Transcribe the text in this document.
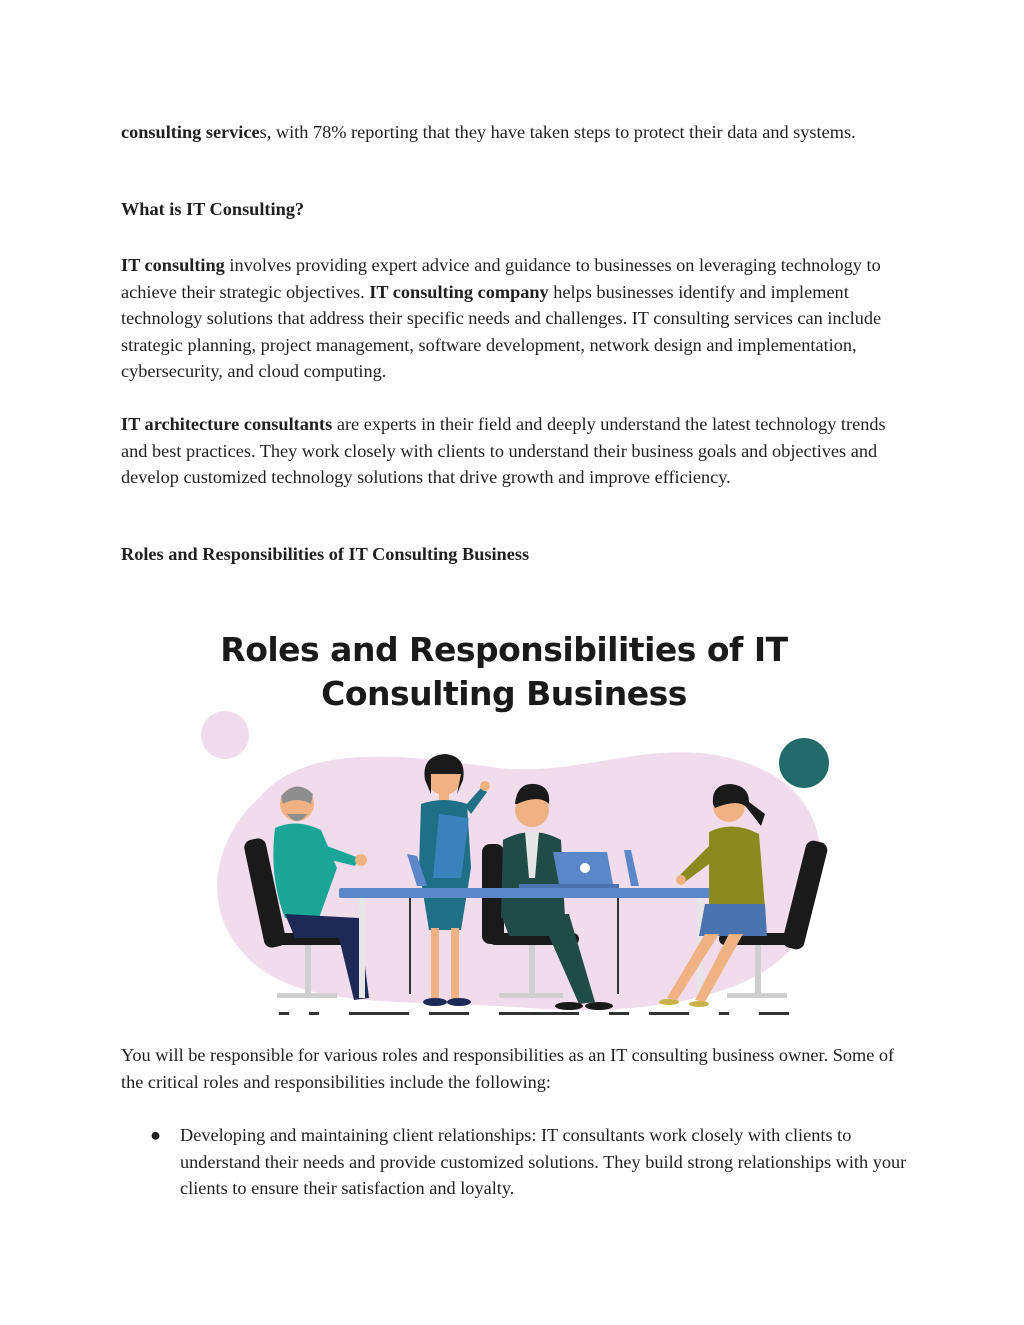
consulting services, with 78% reporting that they have taken steps to protect their data and systems.

What is IT Consulting?

IT consulting involves providing expert advice and guidance to businesses on leveraging technology to achieve their strategic objectives. IT consulting company helps businesses identify and implement technology solutions that address their specific needs and challenges. IT consulting services can include strategic planning, project management, software development, network design and implementation, cybersecurity, and cloud computing.

IT architecture consultants are experts in their field and deeply understand the latest technology trends and best practices. They work closely with clients to understand their business goals and objectives and develop customized technology solutions that drive growth and improve efficiency.

Roles and Responsibilities of IT Consulting Business

Roles and Responsibilities of IT
Consulting Business

You will be responsible for various roles and responsibilities as an IT consulting business owner. Some of the critical roles and responsibilities include the following:

● Developing and maintaining client relationships: IT consultants work closely with clients to understand their needs and provide customized solutions. They build strong relationships with your clients to ensure their satisfaction and loyalty.
